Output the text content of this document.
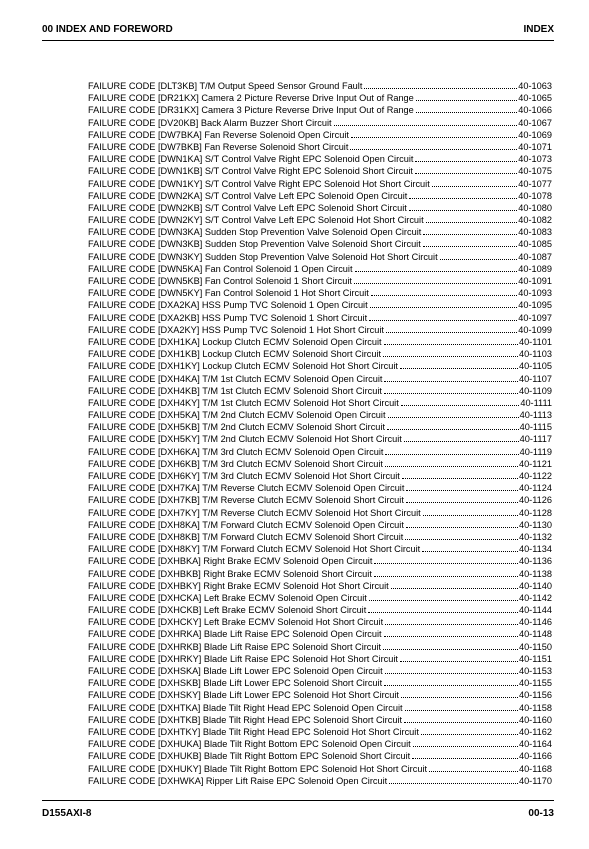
00 INDEX AND FOREWORD	INDEX
FAILURE CODE [DLT3KB] T/M Output Speed Sensor Ground Fault	40-1063
FAILURE CODE [DR21KX] Camera 2 Picture Reverse Drive Input Out of Range	40-1065
FAILURE CODE [DR31KX] Camera 3 Picture Reverse Drive Input Out of Range	40-1066
FAILURE CODE [DV20KB] Back Alarm Buzzer Short Circuit	40-1067
FAILURE CODE [DW7BKA] Fan Reverse Solenoid Open Circuit	40-1069
FAILURE CODE [DW7BKB] Fan Reverse Solenoid Short Circuit	40-1071
FAILURE CODE [DWN1KA] S/T Control Valve Right EPC Solenoid Open Circuit	40-1073
FAILURE CODE [DWN1KB] S/T Control Valve Right EPC Solenoid Short Circuit	40-1075
FAILURE CODE [DWN1KY] S/T Control Valve Right EPC Solenoid Hot Short Circuit	40-1077
FAILURE CODE [DWN2KA] S/T Control Valve Left EPC Solenoid Open Circuit	40-1078
FAILURE CODE [DWN2KB] S/T Control Valve Left EPC Solenoid Short Circuit	40-1080
FAILURE CODE [DWN2KY] S/T Control Valve Left EPC Solenoid Hot Short Circuit	40-1082
FAILURE CODE [DWN3KA] Sudden Stop Prevention Valve Solenoid Open Circuit	40-1083
FAILURE CODE [DWN3KB] Sudden Stop Prevention Valve Solenoid Short Circuit	40-1085
FAILURE CODE [DWN3KY] Sudden Stop Prevention Valve Solenoid Hot Short Circuit	40-1087
FAILURE CODE [DWN5KA] Fan Control Solenoid 1 Open Circuit	40-1089
FAILURE CODE [DWN5KB] Fan Control Solenoid 1 Short Circuit	40-1091
FAILURE CODE [DWN5KY] Fan Control Solenoid 1 Hot Short Circuit	40-1093
FAILURE CODE [DXA2KA] HSS Pump TVC Solenoid 1 Open Circuit	40-1095
FAILURE CODE [DXA2KB] HSS Pump TVC Solenoid 1 Short Circuit	40-1097
FAILURE CODE [DXA2KY] HSS Pump TVC Solenoid 1 Hot Short Circuit	40-1099
FAILURE CODE [DXH1KA] Lockup Clutch ECMV Solenoid Open Circuit	40-1101
FAILURE CODE [DXH1KB] Lockup Clutch ECMV Solenoid Short Circuit	40-1103
FAILURE CODE [DXH1KY] Lockup Clutch ECMV Solenoid Hot Short Circuit	40-1105
FAILURE CODE [DXH4KA] T/M 1st Clutch ECMV Solenoid Open Circuit	40-1107
FAILURE CODE [DXH4KB] T/M 1st Clutch ECMV Solenoid Short Circuit	40-1109
FAILURE CODE [DXH4KY] T/M 1st Clutch ECMV Solenoid Hot Short Circuit	40-1111
FAILURE CODE [DXH5KA] T/M 2nd Clutch ECMV Solenoid Open Circuit	40-1113
FAILURE CODE [DXH5KB] T/M 2nd Clutch ECMV Solenoid Short Circuit	40-1115
FAILURE CODE [DXH5KY] T/M 2nd Clutch ECMV Solenoid Hot Short Circuit	40-1117
FAILURE CODE [DXH6KA] T/M 3rd Clutch ECMV Solenoid Open Circuit	40-1119
FAILURE CODE [DXH6KB] T/M 3rd Clutch ECMV Solenoid Short Circuit	40-1121
FAILURE CODE [DXH6KY] T/M 3rd Clutch ECMV Solenoid Hot Short Circuit	40-1122
FAILURE CODE [DXH7KA] T/M Reverse Clutch ECMV Solenoid Open Circuit	40-1124
FAILURE CODE [DXH7KB] T/M Reverse Clutch ECMV Solenoid Short Circuit	40-1126
FAILURE CODE [DXH7KY] T/M Reverse Clutch ECMV Solenoid Hot Short Circuit	40-1128
FAILURE CODE [DXH8KA] T/M Forward Clutch ECMV Solenoid Open Circuit	40-1130
FAILURE CODE [DXH8KB] T/M Forward Clutch ECMV Solenoid Short Circuit	40-1132
FAILURE CODE [DXH8KY] T/M Forward Clutch ECMV Solenoid Hot Short Circuit	40-1134
FAILURE CODE [DXHBKA] Right Brake ECMV Solenoid Open Circuit	40-1136
FAILURE CODE [DXHBKB] Right Brake ECMV Solenoid Short Circuit	40-1138
FAILURE CODE [DXHBKY] Right Brake ECMV Solenoid Hot Short Circuit	40-1140
FAILURE CODE [DXHCKA] Left Brake ECMV Solenoid Open Circuit	40-1142
FAILURE CODE [DXHCKB] Left Brake ECMV Solenoid Short Circuit	40-1144
FAILURE CODE [DXHCKY] Left Brake ECMV Solenoid Hot Short Circuit	40-1146
FAILURE CODE [DXHRKA] Blade Lift Raise EPC Solenoid Open Circuit	40-1148
FAILURE CODE [DXHRKB] Blade Lift Raise EPC Solenoid Short Circuit	40-1150
FAILURE CODE [DXHRKY] Blade Lift Raise EPC Solenoid Hot Short Circuit	40-1151
FAILURE CODE [DXHSKA] Blade Lift Lower EPC Solenoid Open Circuit	40-1153
FAILURE CODE [DXHSKB] Blade Lift Lower EPC Solenoid Short Circuit	40-1155
FAILURE CODE [DXHSKY] Blade Lift Lower EPC Solenoid Hot Short Circuit	40-1156
FAILURE CODE [DXHTKA] Blade Tilt Right Head EPC Solenoid Open Circuit	40-1158
FAILURE CODE [DXHTKB] Blade Tilt Right Head EPC Solenoid Short Circuit	40-1160
FAILURE CODE [DXHTKY] Blade Tilt Right Head EPC Solenoid Hot Short Circuit	40-1162
FAILURE CODE [DXHUKA] Blade Tilt Right Bottom EPC Solenoid Open Circuit	40-1164
FAILURE CODE [DXHUKB] Blade Tilt Right Bottom EPC Solenoid Short Circuit	40-1166
FAILURE CODE [DXHUKY] Blade Tilt Right Bottom EPC Solenoid Hot Short Circuit	40-1168
FAILURE CODE [DXHWKA] Ripper Lift Raise EPC Solenoid Open Circuit	40-1170
D155AXI-8	00-13
